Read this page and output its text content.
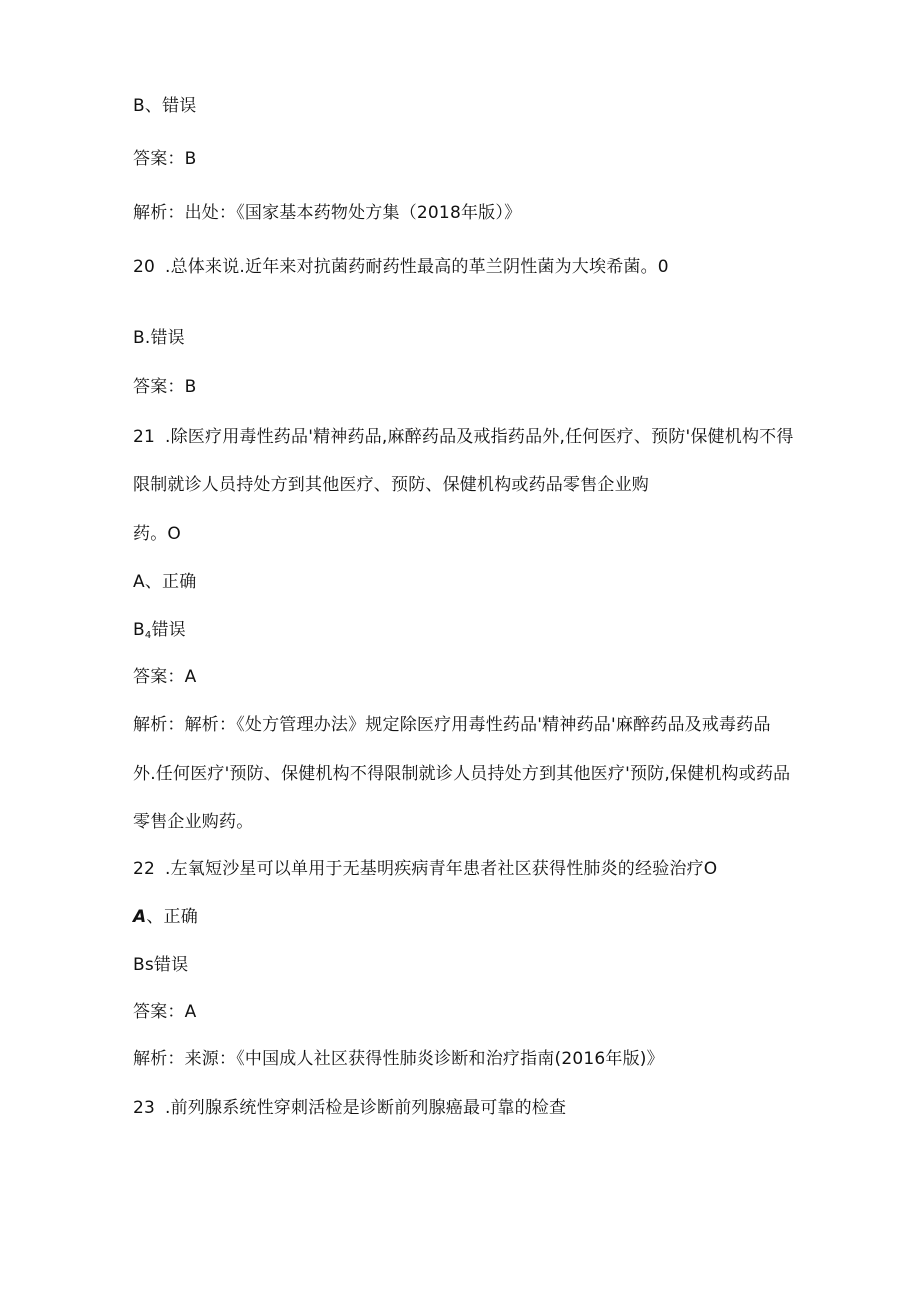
B、错误
答案：B
解析：出处：《国家基本药物处方集（2018年版）》
20 .总体来说.近年来对抗菌药耐药性最高的革兰阴性菌为大埃希菌。0
B.错误
答案：B
21 .除医疗用毒性药品'精神药品,麻醉药品及戒指药品外,任何医疗、预防'保健机构不得
限制就诊人员持处方到其他医疗、预防、保健机构或药品零售企业购
药。O
A、正确
$B_4$错误
答案：A
解析：解析：《处方管理办法》规定除医疗用毒性药品'精神药品'麻醉药品及戒毒药品
外.任何医疗'预防、保健机构不得限制就诊人员持处方到其他医疗'预防,保健机构或药品
零售企业购药。
22 .左氧短沙星可以单用于无基明疾病青年患者社区获得性肺炎的经验治疗O
A、正确
Bs错误
答案：A
解析：来源：《中国成人社区获得性肺炎诊断和治疗指南(2016年版)》
23 .前列腺系统性穿刺活检是诊断前列腺癌最可靠的检查
